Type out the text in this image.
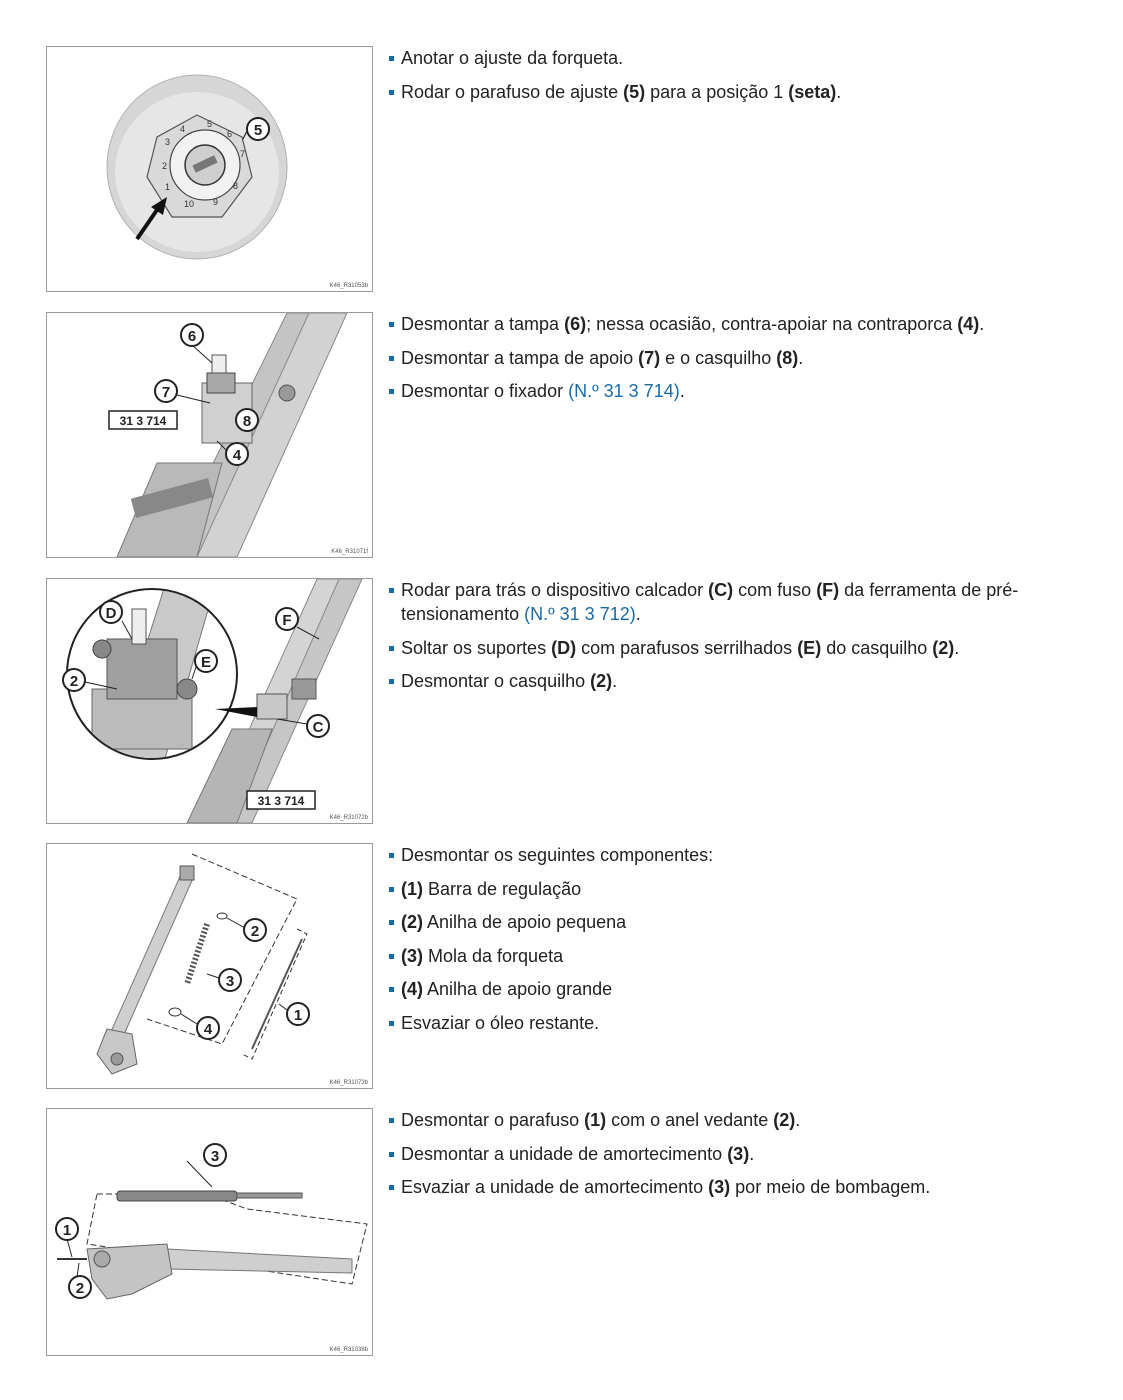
2
3
4 5
6
7
8
9
10
1
5
K46_R31053b
Anotar o ajuste da forqueta.
Rodar o parafuso de ajuste (5) para a posição 1 (seta).
6
7
8
4
31 3 714
K46_R31071f
Desmontar a tampa (6); nessa ocasião, contra-apoiar na contraporca (4).
Desmontar a tampa de apoio (7) e o casquilho (8).
Desmontar o fixador (N.º 31 3 714).
D
E
2
F
C
31 3 714
K46_R31072b
Rodar para trás o dispositivo calcador (C) com fuso (F) da ferramenta de pré-tensionamento (N.º 31 3 712).
Soltar os suportes (D) com parafusos serrilhados (E) do casquilho (2).
Desmontar o casquilho (2).
2
3
4
1
K46_R31073b
Desmontar os seguintes componentes:
(1) Barra de regulação
(2) Anilha de apoio pequena
(3) Mola da forqueta
(4) Anilha de apoio grande
Esvaziar o óleo restante.
3
1
2
K46_R31038b
Desmontar o parafuso (1) com o anel vedante (2).
Desmontar a unidade de amortecimento (3).
Esvaziar a unidade de amortecimento (3) por meio de bombagem.
